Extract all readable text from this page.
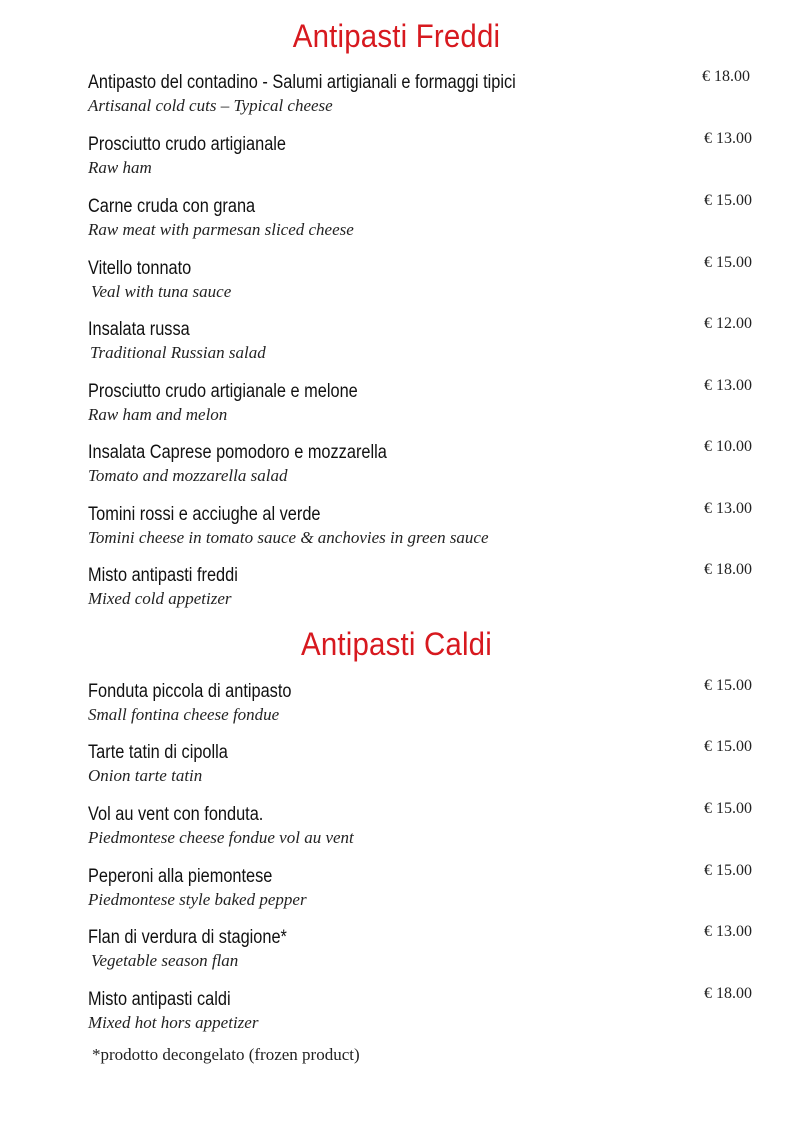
Antipasti Freddi
Antipasto del contadino - Salumi artigianali e formaggi tipici
Artisanal cold cuts – Typical cheese
€ 18.00
Prosciutto crudo artigianale
Raw ham
€ 13.00
Carne cruda con grana
Raw meat with parmesan sliced cheese
€ 15.00
Vitello tonnato
Veal with tuna sauce
€ 15.00
Insalata russa
Traditional Russian salad
€ 12.00
Prosciutto crudo artigianale e melone
Raw ham and melon
€ 13.00
Insalata Caprese pomodoro e mozzarella
Tomato and mozzarella salad
€ 10.00
Tomini rossi e acciughe al verde
Tomini cheese in tomato sauce & anchovies in green sauce
€ 13.00
Misto antipasti freddi
Mixed cold appetizer
€ 18.00
Antipasti Caldi
Fonduta piccola di antipasto
Small fontina cheese fondue
€ 15.00
Tarte tatin di cipolla
Onion tarte tatin
€ 15.00
Vol au vent con fonduta.
Piedmontese cheese fondue vol au vent
€ 15.00
Peperoni alla piemontese
Piedmontese style baked pepper
€ 15.00
Flan di verdura di stagione*
Vegetable season flan
€ 13.00
Misto antipasti caldi
Mixed hot hors appetizer
€ 18.00
*prodotto decongelato (frozen product)
